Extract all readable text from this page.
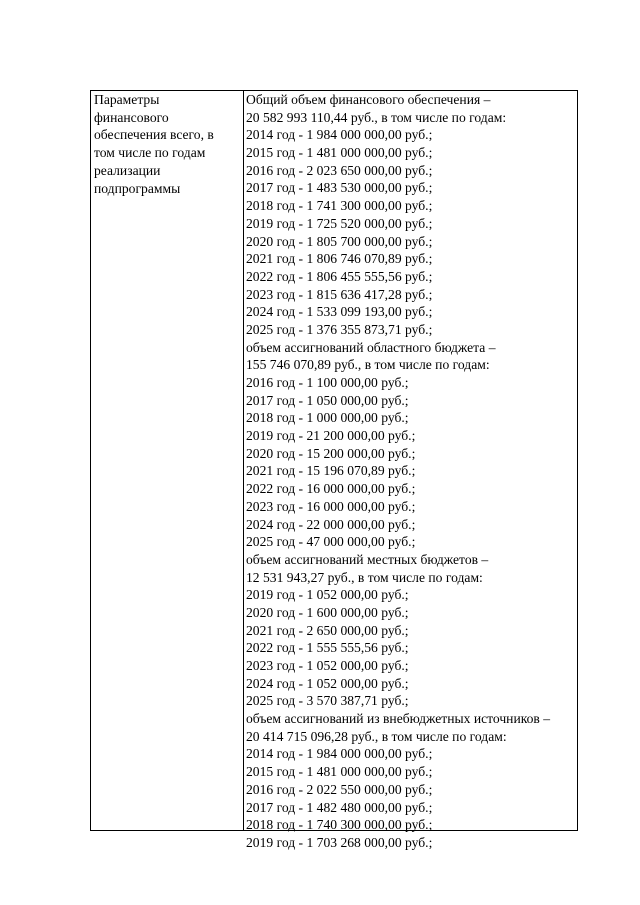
Параметры
финансового
обеспечения всего, в
том числе по годам
реализации
подпрограммы
Общий объем финансового обеспечения –
20 582 993 110,44 руб., в том числе по годам:
2014 год - 1 984 000 000,00 руб.;
2015 год - 1 481 000 000,00 руб.;
2016 год - 2 023 650 000,00 руб.;
2017 год - 1 483 530 000,00 руб.;
2018 год - 1 741 300 000,00 руб.;
2019 год - 1 725 520 000,00 руб.;
2020 год - 1 805 700 000,00 руб.;
2021 год - 1 806 746 070,89 руб.;
2022 год - 1 806 455 555,56 руб.;
2023 год - 1 815 636 417,28 руб.;
2024 год - 1 533 099 193,00 руб.;
2025 год - 1 376 355 873,71 руб.;
объем ассигнований областного бюджета –
155 746 070,89 руб., в том числе по годам:
2016 год - 1 100 000,00 руб.;
2017 год - 1 050 000,00 руб.;
2018 год - 1 000 000,00 руб.;
2019 год - 21 200 000,00 руб.;
2020 год - 15 200 000,00 руб.;
2021 год - 15 196 070,89 руб.;
2022 год - 16 000 000,00 руб.;
2023 год - 16 000 000,00 руб.;
2024 год - 22 000 000,00 руб.;
2025 год - 47 000 000,00 руб.;
объем ассигнований местных бюджетов –
12 531 943,27 руб., в том числе по годам:
2019 год - 1 052 000,00 руб.;
2020 год - 1 600 000,00 руб.;
2021 год - 2 650 000,00 руб.;
2022 год - 1 555 555,56 руб.;
2023 год - 1 052 000,00 руб.;
2024 год - 1 052 000,00 руб.;
2025 год - 3 570 387,71 руб.;
объем ассигнований из внебюджетных источников –
20 414 715 096,28 руб., в том числе по годам:
2014 год - 1 984 000 000,00 руб.;
2015 год - 1 481 000 000,00 руб.;
2016 год - 2 022 550 000,00 руб.;
2017 год - 1 482 480 000,00 руб.;
2018 год - 1 740 300 000,00 руб.;
2019 год - 1 703 268 000,00 руб.;
